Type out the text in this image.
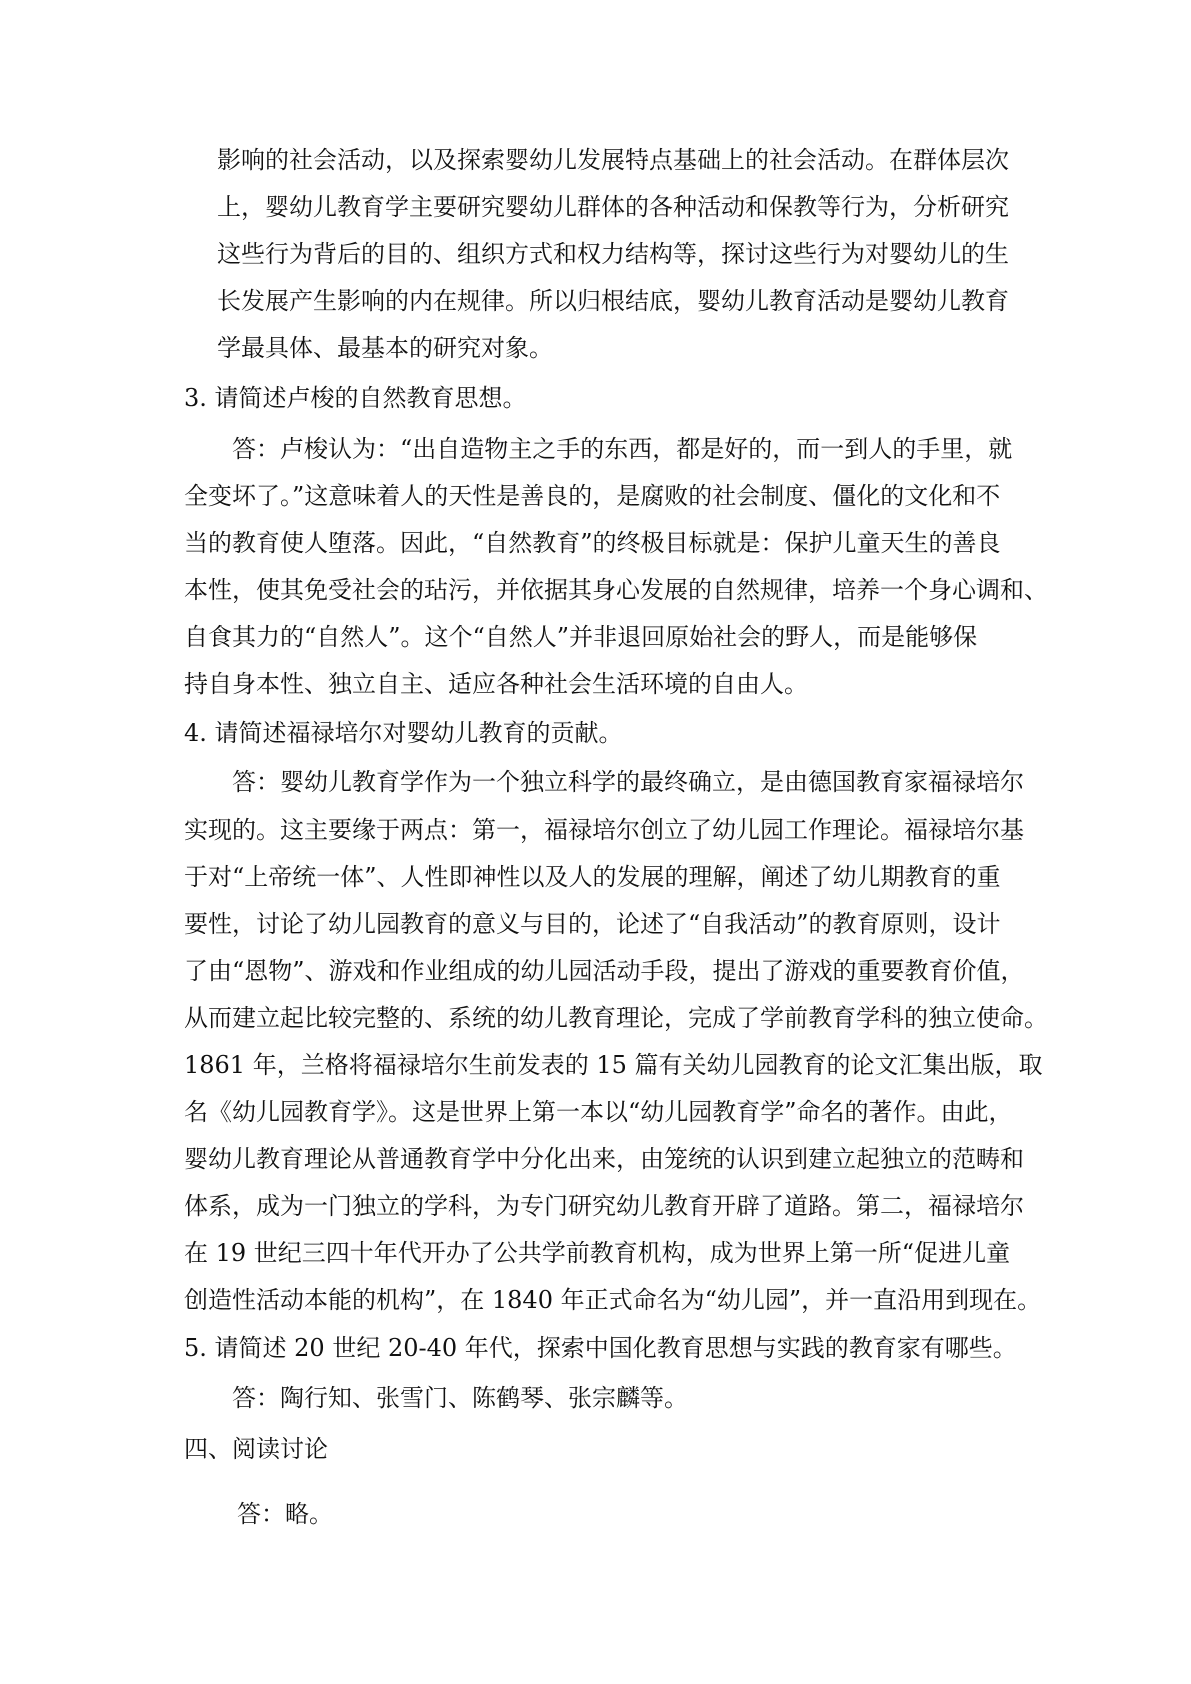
影响的社会活动，以及探索婴幼儿发展特点基础上的社会活动。在群体层次
上，婴幼儿教育学主要研究婴幼儿群体的各种活动和保教等行为，分析研究
这些行为背后的目的、组织方式和权力结构等，探讨这些行为对婴幼儿的生
长发展产生影响的内在规律。所以归根结底，婴幼儿教育活动是婴幼儿教育
学最具体、最基本的研究对象。
3. 请简述卢梭的自然教育思想。
答：卢梭认为：“出自造物主之手的东西，都是好的，而一到人的手里，就
全变坏了。”这意味着人的天性是善良的，是腐败的社会制度、僵化的文化和不
当的教育使人堕落。因此，“自然教育”的终极目标就是：保护儿童天生的善良
本性，使其免受社会的玷污，并依据其身心发展的自然规律，培养一个身心调和、
自食其力的“自然人”。这个“自然人”并非退回原始社会的野人，而是能够保
持自身本性、独立自主、适应各种社会生活环境的自由人。
4. 请简述福禄培尔对婴幼儿教育的贡献。
答：婴幼儿教育学作为一个独立科学的最终确立，是由德国教育家福禄培尔
实现的。这主要缘于两点：第一，福禄培尔创立了幼儿园工作理论。福禄培尔基
于对“上帝统一体”、人性即神性以及人的发展的理解，阐述了幼儿期教育的重
要性，讨论了幼儿园教育的意义与目的，论述了“自我活动”的教育原则，设计
了由“恩物”、游戏和作业组成的幼儿园活动手段，提出了游戏的重要教育价值，
从而建立起比较完整的、系统的幼儿教育理论，完成了学前教育学科的独立使命。
1861 年，兰格将福禄培尔生前发表的 15 篇有关幼儿园教育的论文汇集出版，取
名《幼儿园教育学》。这是世界上第一本以“幼儿园教育学”命名的著作。由此，
婴幼儿教育理论从普通教育学中分化出来，由笼统的认识到建立起独立的范畴和
体系，成为一门独立的学科，为专门研究幼儿教育开辟了道路。第二，福禄培尔
在 19 世纪三四十年代开办了公共学前教育机构，成为世界上第一所“促进儿童
创造性活动本能的机构”，在 1840 年正式命名为“幼儿园”，并一直沿用到现在。
5. 请简述 20 世纪 20-40 年代，探索中国化教育思想与实践的教育家有哪些。
答：陶行知、张雪门、陈鹤琴、张宗麟等。
四、阅读讨论
答：略。
